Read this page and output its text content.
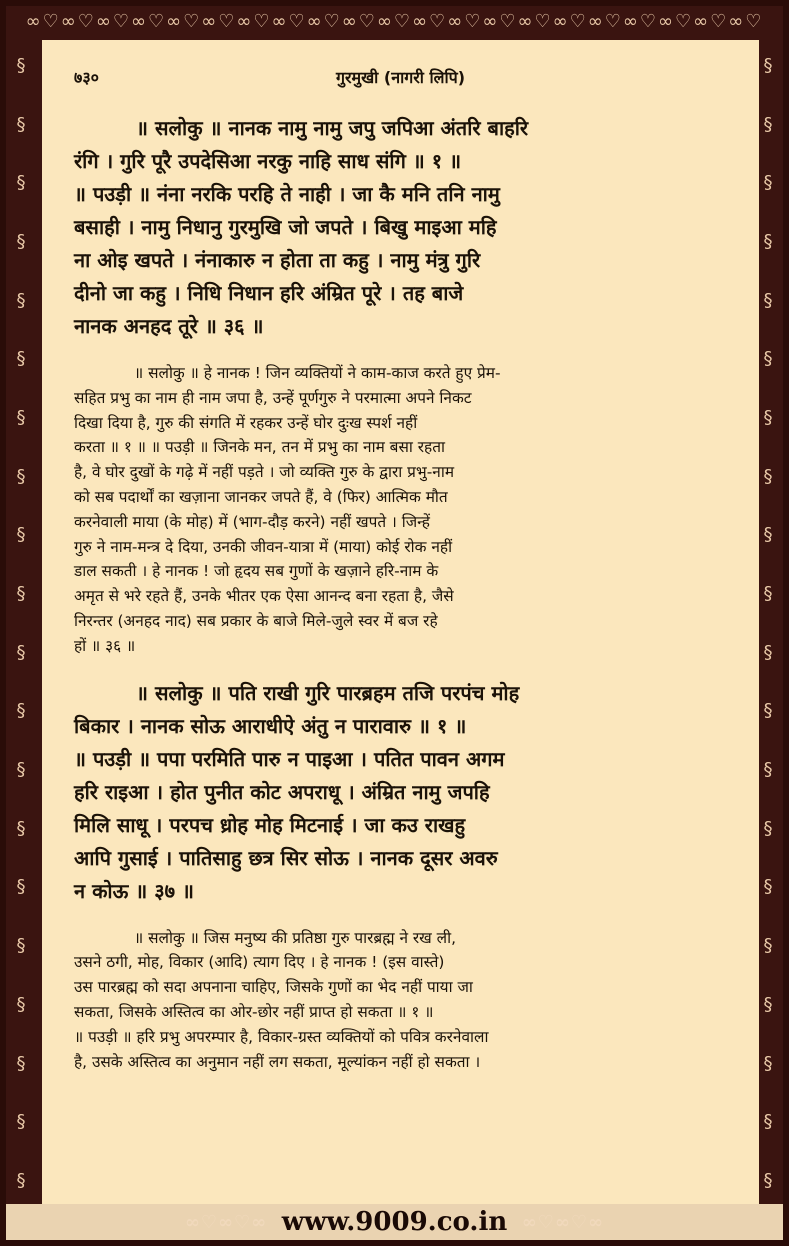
∞♡∞♡∞♡∞♡∞♡∞♡∞♡∞♡∞♡∞♡∞♡∞♡∞♡∞♡∞♡∞♡∞♡∞♡∞♡∞♡∞♡
§
§
§
§
§
§
§
§
§
§
§
§
§
§
§
§
§
§
§
§
§
§
§
§
§
§
§
§
§
§
§
§
§
§
§
§
§
§
§
§
७३०	गुरमुखी (नागरी लिपि)

॥ सलोकु ॥ नानक नामु नामु जपु जपिआ अंतरि बाहरि

रंगि । गुरि पूरै उपदेसिआ नरकु नाहि साध संगि ॥ १ ॥

॥ पउड़ी ॥ नंना नरकि परहि ते नाही । जा कै मनि तनि नामु

बसाही । नामु निधानु गुरमुखि जो जपते । बिखु माइआ महि

ना ओइ खपते । नंनाकारु न होता ता कहु । नामु मंत्रु गुरि

दीनो जा कहु । निधि निधान हरि अंम्रित पूरे । तह बाजे

नानक अनहद तूरे ॥ ३६ ॥

॥ सलोकु ॥ हे नानक ! जिन व्यक्तियों ने काम-काज करते हुए प्रेम-

सहित प्रभु का नाम ही नाम जपा है, उन्हें पूर्णगुरु ने परमात्मा अपने निकट

दिखा दिया है, गुरु की संगति में रहकर उन्हें घोर दुःख स्पर्श नहीं

करता ॥ १ ॥ ॥ पउड़ी ॥ जिनके मन, तन में प्रभु का नाम बसा रहता

है, वे घोर दुखों के गढ़े में नहीं पड़ते । जो व्यक्ति गुरु के द्वारा प्रभु-नाम

को सब पदार्थों का खज़ाना जानकर जपते हैं, वे (फिर) आत्मिक मौत

करनेवाली माया (के मोह) में (भाग-दौड़ करने) नहीं खपते । जिन्हें

गुरु ने नाम-मन्त्र दे दिया, उनकी जीवन-यात्रा में (माया) कोई रोक नहीं

डाल सकती । हे नानक ! जो हृदय सब गुणों के खज़ाने हरि-नाम के

अमृत से भरे रहते हैं, उनके भीतर एक ऐसा आनन्द बना रहता है, जैसे

निरन्तर (अनहद नाद) सब प्रकार के बाजे मिले-जुले स्वर में बज रहे

हों ॥ ३६ ॥

॥ सलोकु ॥ पति राखी गुरि पारब्रहम तजि परपंच मोह

बिकार । नानक सोऊ आराधीऐ अंतु न पारावारु ॥ १ ॥

॥ पउड़ी ॥ पपा परमिति पारु न पाइआ । पतित पावन अगम

हरि राइआ । होत पुनीत कोट अपराधू । अंम्रित नामु जपहि

मिलि साधू । परपच ध्रोह मोह मिटनाई । जा कउ राखहु

आपि गुसाई । पातिसाहु छत्र सिर सोऊ । नानक दूसर अवरु

न कोऊ ॥ ३७ ॥

॥ सलोकु ॥ जिस मनुष्य की प्रतिष्ठा गुरु पारब्रह्म ने रख ली,

उसने ठगी, मोह, विकार (आदि) त्याग दिए । हे नानक ! (इस वास्ते)

उस पारब्रह्म को सदा अपनाना चाहिए, जिसके गुणों का भेद नहीं पाया जा

सकता, जिसके अस्तित्व का ओर-छोर नहीं प्राप्त हो सकता ॥ १ ॥

॥ पउड़ी ॥ हरि प्रभु अपरम्पार है, विकार-ग्रस्त व्यक्तियों को पवित्र करनेवाला

है, उसके अस्तित्व का अनुमान नहीं लग सकता, मूल्यांकन नहीं हो सकता ।

∞♡∞♡∞ www.9009.co.in ∞♡∞♡∞
